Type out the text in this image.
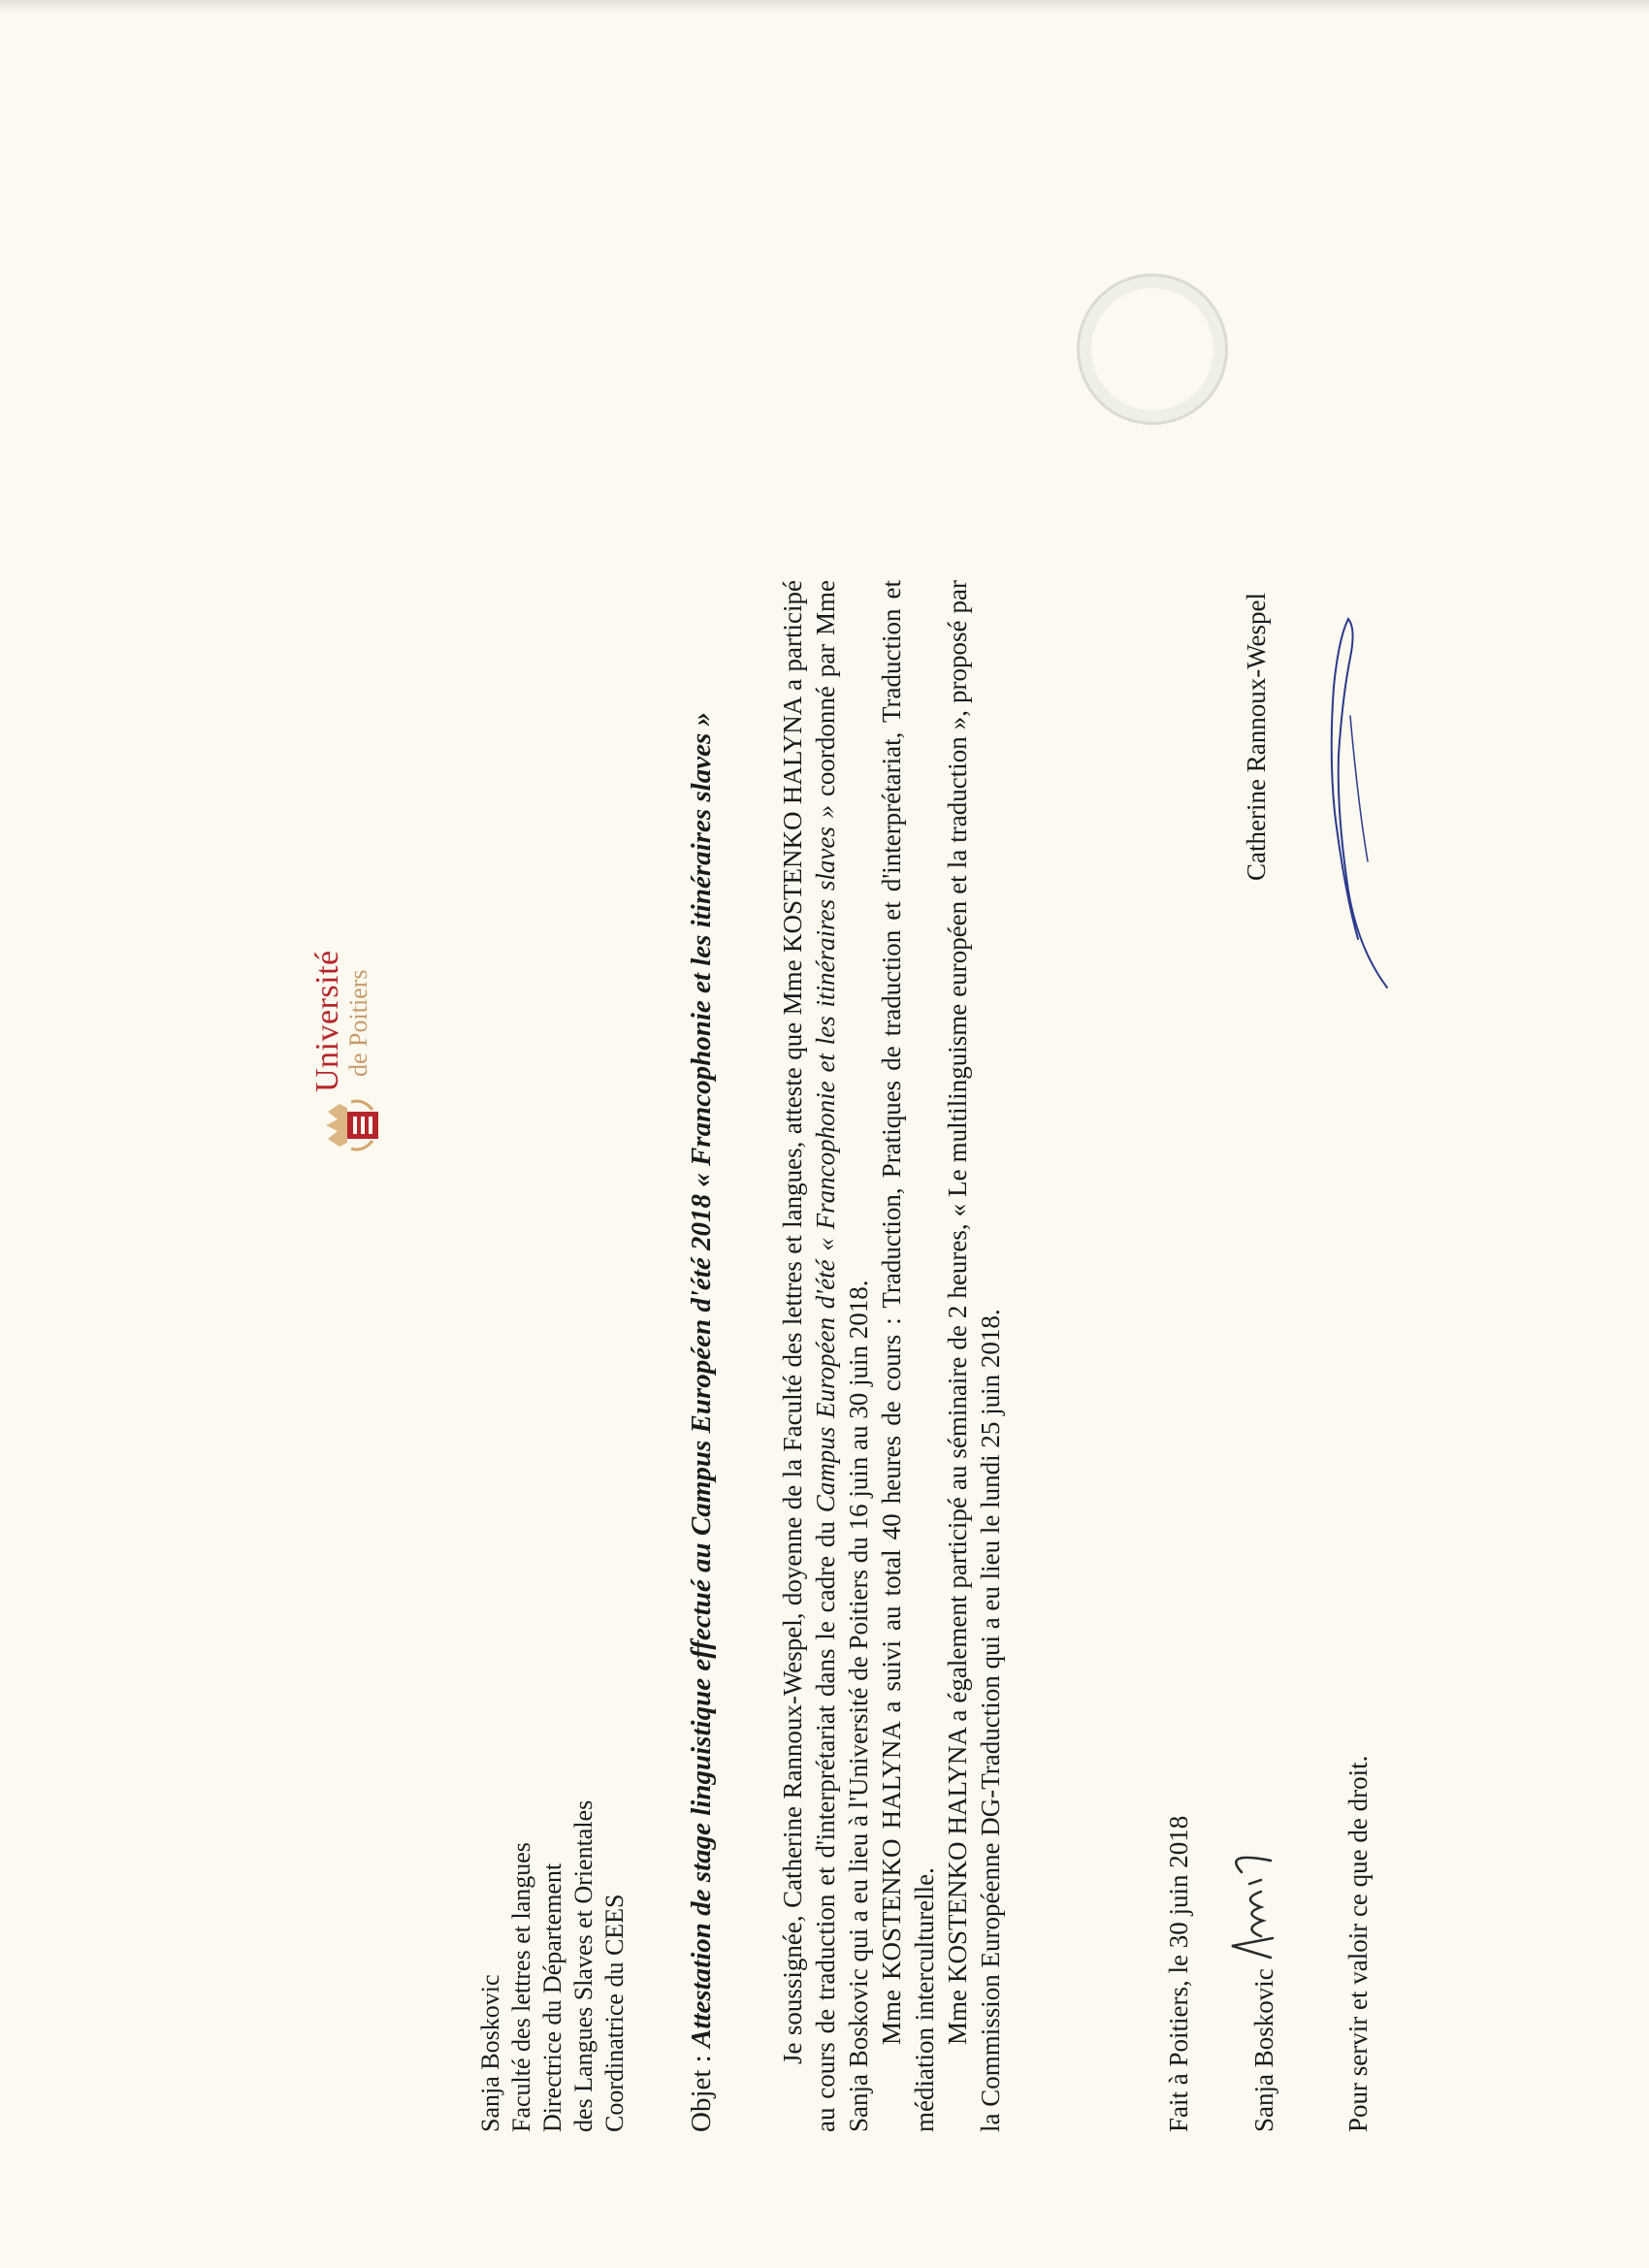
Université de Poitiers
Sanja Boskovic Faculté des lettres et langues Directrice du Département des Langues Slaves et Orientales Coordinatrice du CEES Objet : Attestation de stage linguistique effectué au Campus Européen d'été 2018 « Francophonie et les itinéraires slaves » Je soussignée, Catherine Rannoux-Wespel, doyenne de la Faculté des lettres et langues, atteste que Mme KOSTENKO HALYNA a participé au cours de traduction et d'interprétariat dans le cadre du Campus Européen d'été « Francophonie et les itinéraires slaves » coordonné par Mme Sanja Boskovic qui a eu lieu à l'Université de Poitiers du 16 juin au 30 juin 2018. Mme KOSTENKO HALYNA a suivi au total 40 heures de cours : Traduction, Pratiques de traduction et d'interprétariat, Traduction et médiation interculturelle. Mme KOSTENKO HALYNA a également participé au séminaire de 2 heures, « Le multilinguisme européen et la traduction », proposé par la Commission Européenne DG-Traduction qui a eu lieu le lundi 25 juin 2018.	Fait à Poitiers, le 30 juin 2018 Sanja Boskovic Pour servir et valoir ce que de droit.
Catherine Rannoux-Wespel
